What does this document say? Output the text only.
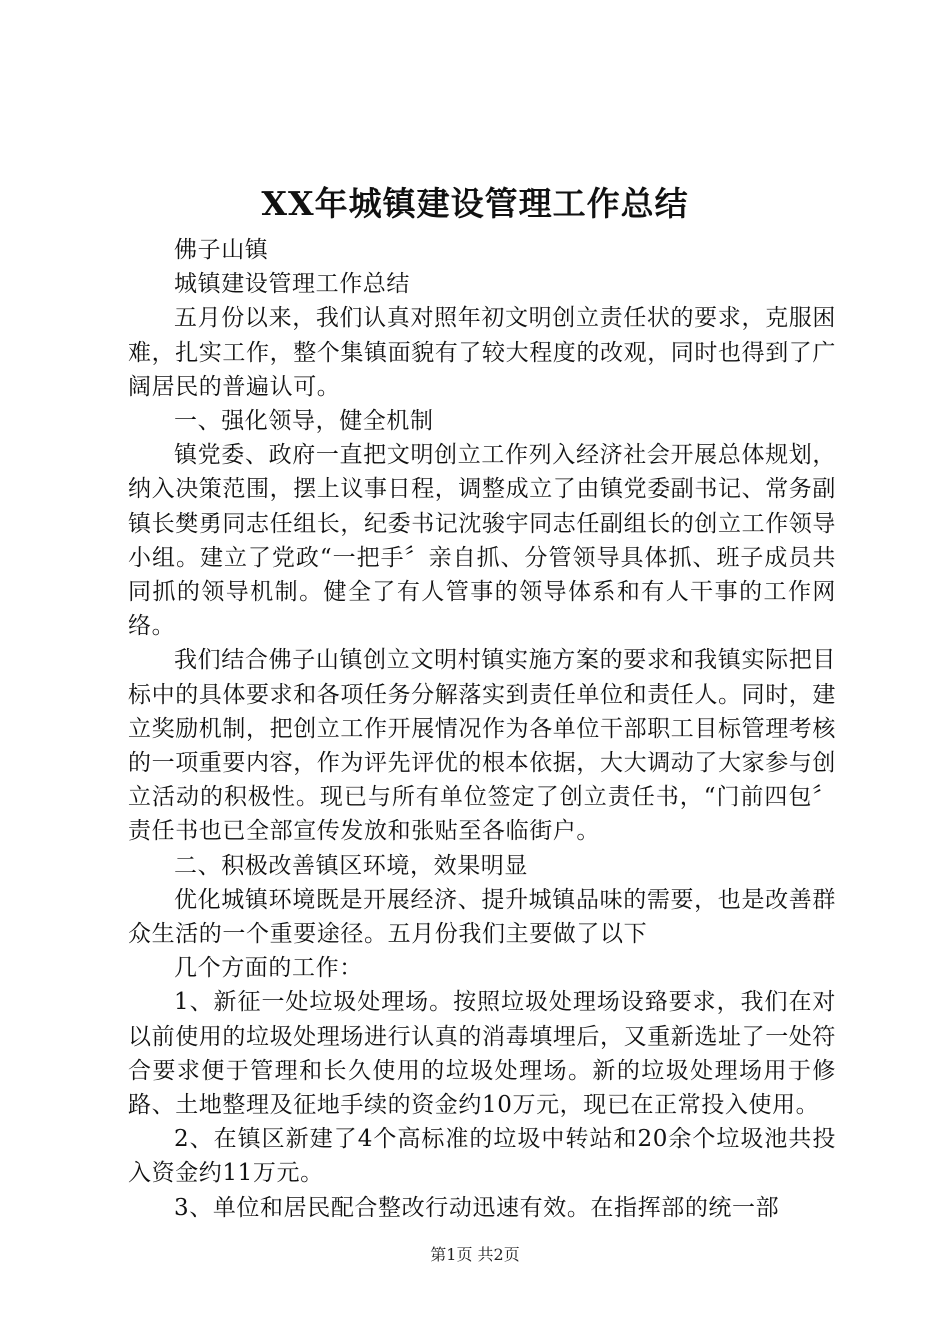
XX年城镇建设管理工作总结

佛子山镇

城镇建设管理工作总结

五月份以来，我们认真对照年初文明创立责任状的要求，克服困难，扎实工作，整个集镇面貌有了较大程度的改观，同时也得到了广阔居民的普遍认可。

一、强化领导，健全机制

镇党委、政府一直把文明创立工作列入经济社会开展总体规划，纳入决策范围，摆上议事日程，调整成立了由镇党委副书记、常务副镇长樊勇同志任组长，纪委书记沈骏宇同志任副组长的创立工作领导小组。建立了党政“一把手〞亲自抓、分管领导具体抓、班子成员共同抓的领导机制。健全了有人管事的领导体系和有人干事的工作网络。

我们结合佛子山镇创立文明村镇实施方案的要求和我镇实际把目标中的具体要求和各项任务分解落实到责任单位和责任人。同时，建立奖励机制，把创立工作开展情况作为各单位干部职工目标管理考核的一项重要内容，作为评先评优的根本依据，大大调动了大家参与创立活动的积极性。现已与所有单位签定了创立责任书，“门前四包〞责任书也已全部宣传发放和张贴至各临街户。

二、积极改善镇区环境，效果明显

优化城镇环境既是开展经济、提升城镇品味的需要，也是改善群众生活的一个重要途径。五月份我们主要做了以下

几个方面的工作：

1、新征一处垃圾处理场。按照垃圾处理场设臵要求，我们在对以前使用的垃圾处理场进行认真的消毒填埋后，又重新选址了一处符合要求便于管理和长久使用的垃圾处理场。新的垃圾处理场用于修路、土地整理及征地手续的资金约10万元，现已在正常投入使用。

2、在镇区新建了4个高标准的垃圾中转站和20余个垃圾池共投入资金约11万元。

3、单位和居民配合整改行动迅速有效。在指挥部的统一部

第1页 共2页
